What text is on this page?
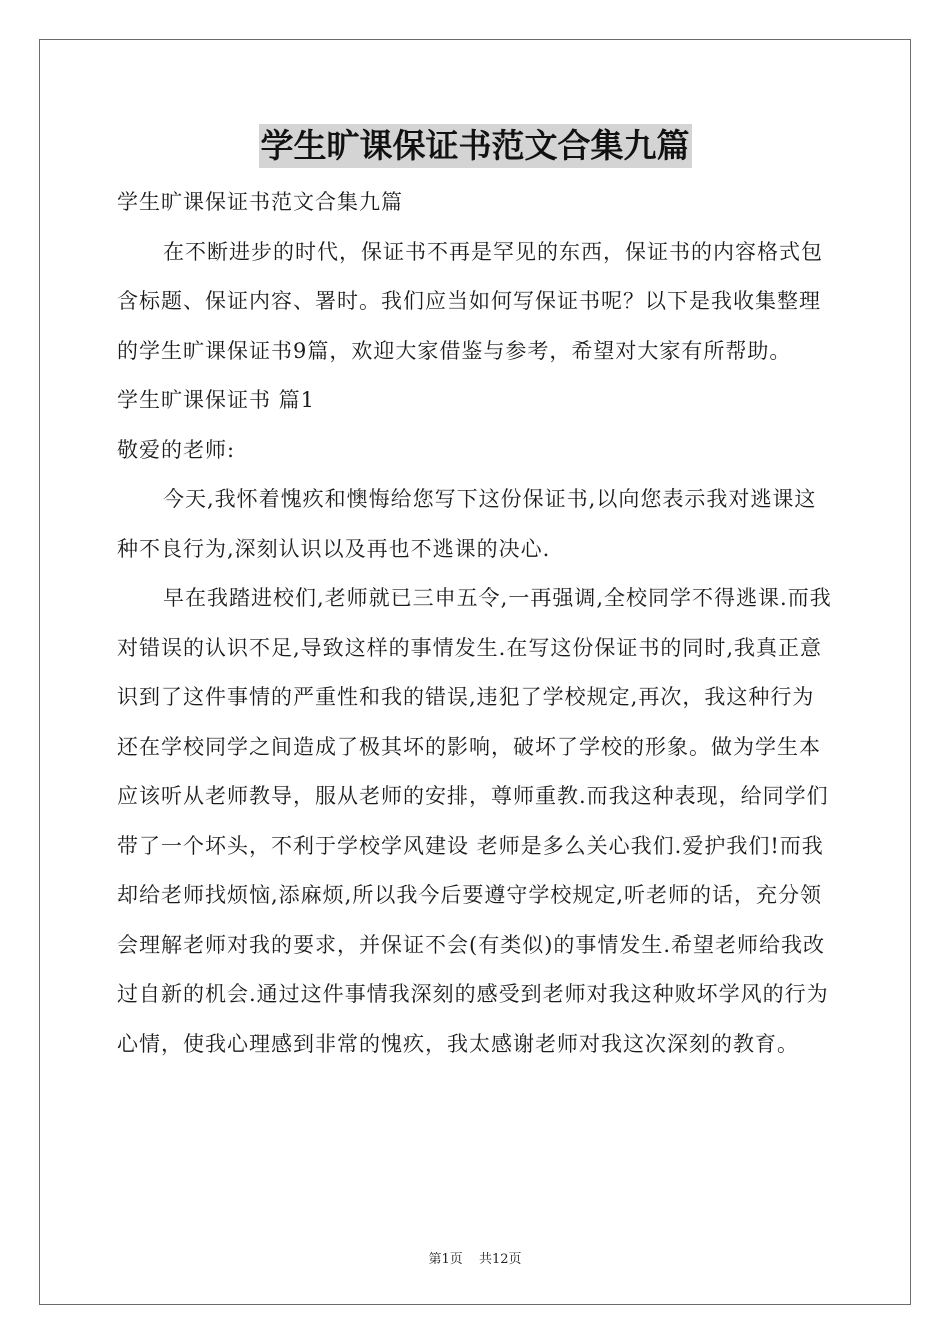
学生旷课保证书范文合集九篇

学生旷课保证书范文合集九篇

在不断进步的时代，保证书不再是罕见的东西，保证书的内容格式包含标题、保证内容、署时。我们应当如何写保证书呢？以下是我收集整理的学生旷课保证书9篇，欢迎大家借鉴与参考，希望对大家有所帮助。

学生旷课保证书 篇1

敬爱的老师:

今天,我怀着愧疚和懊悔给您写下这份保证书,以向您表示我对逃课这种不良行为,深刻认识以及再也不逃课的决心.

早在我踏进校们,老师就已三申五令,一再强调,全校同学不得逃课.而我对错误的认识不足,导致这样的事情发生.在写这份保证书的同时,我真正意识到了这件事情的严重性和我的错误,违犯了学校规定,再次，我这种行为还在学校同学之间造成了极其坏的影响，破坏了学校的形象。做为学生本应该听从老师教导，服从老师的安排，尊师重教.而我这种表现，给同学们带了一个坏头，不利于学校学风建设 老师是多么关心我们.爱护我们!而我却给老师找烦恼,添麻烦,所以我今后要遵守学校规定,听老师的话，充分领会理解老师对我的要求，并保证不会(有类似)的事情发生.希望老师给我改过自新的机会.通过这件事情我深刻的感受到老师对我这种败坏学风的行为心情，使我心理感到非常的愧疚，我太感谢老师对我这次深刻的教育。

第1页 共12页
